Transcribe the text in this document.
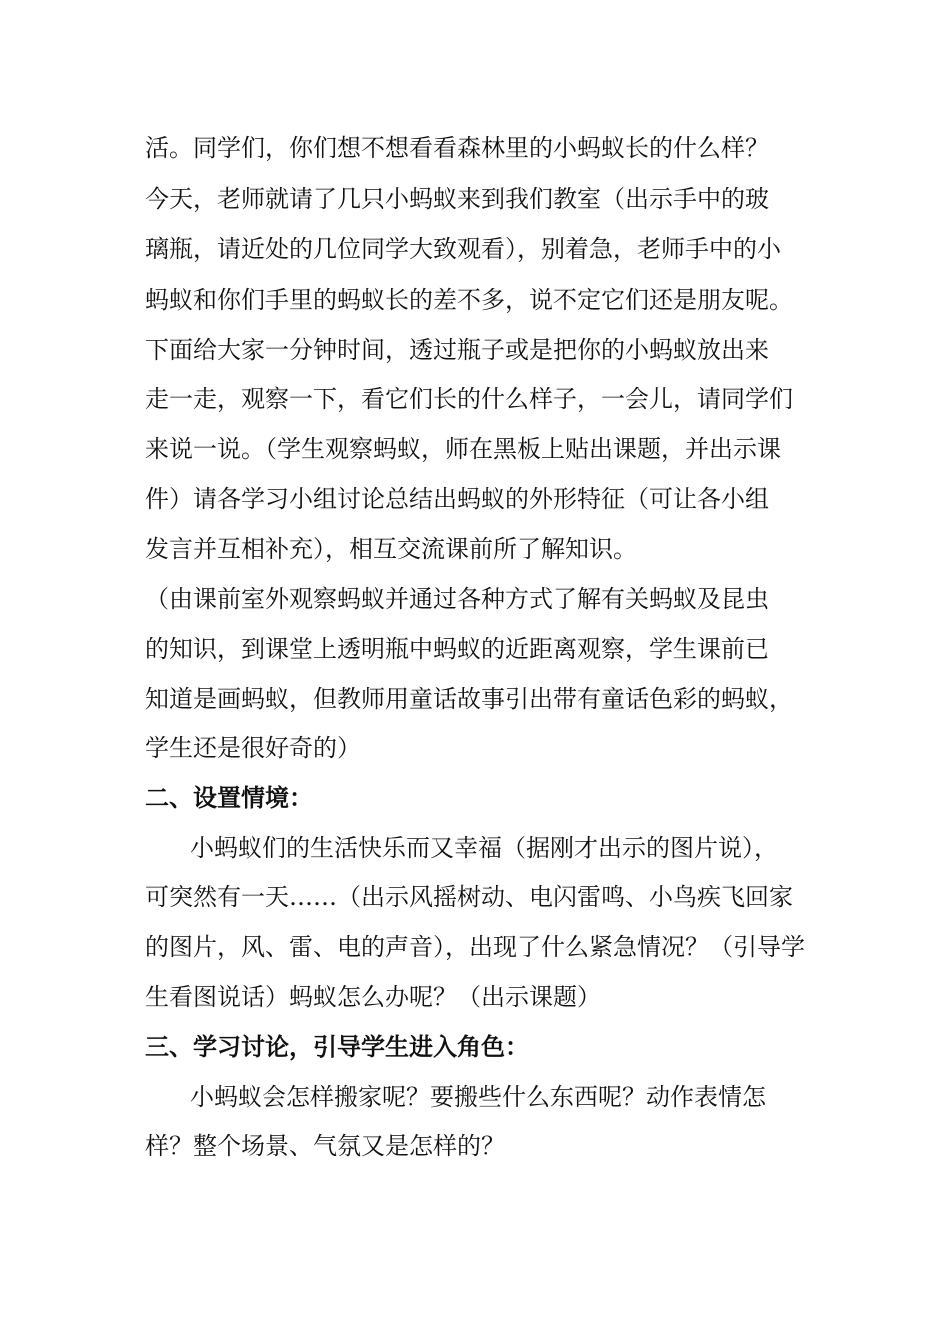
活。同学们，你们想不想看看森林里的小蚂蚁长的什么样？
今天，老师就请了几只小蚂蚁来到我们教室（出示手中的玻
璃瓶，请近处的几位同学大致观看），别着急，老师手中的小
蚂蚁和你们手里的蚂蚁长的差不多，说不定它们还是朋友呢。
下面给大家一分钟时间，透过瓶子或是把你的小蚂蚁放出来
走一走，观察一下，看它们长的什么样子，一会儿，请同学们
来说一说。（学生观察蚂蚁，师在黑板上贴出课题，并出示课
件）请各学习小组讨论总结出蚂蚁的外形特征（可让各小组
发言并互相补充），相互交流课前所了解知识。
（由课前室外观察蚂蚁并通过各种方式了解有关蚂蚁及昆虫
的知识，到课堂上透明瓶中蚂蚁的近距离观察，学生课前已
知道是画蚂蚁，但教师用童话故事引出带有童话色彩的蚂蚁，
学生还是很好奇的）
二、设置情境：
小蚂蚁们的生活快乐而又幸福（据刚才出示的图片说），
可突然有一天……（出示风摇树动、电闪雷鸣、小鸟疾飞回家
的图片，风、雷、电的声音），出现了什么紧急情况？（引导学
生看图说话）蚂蚁怎么办呢？（出示课题）
三、学习讨论，引导学生进入角色：
小蚂蚁会怎样搬家呢？要搬些什么东西呢？动作表情怎
样？整个场景、气氛又是怎样的？
